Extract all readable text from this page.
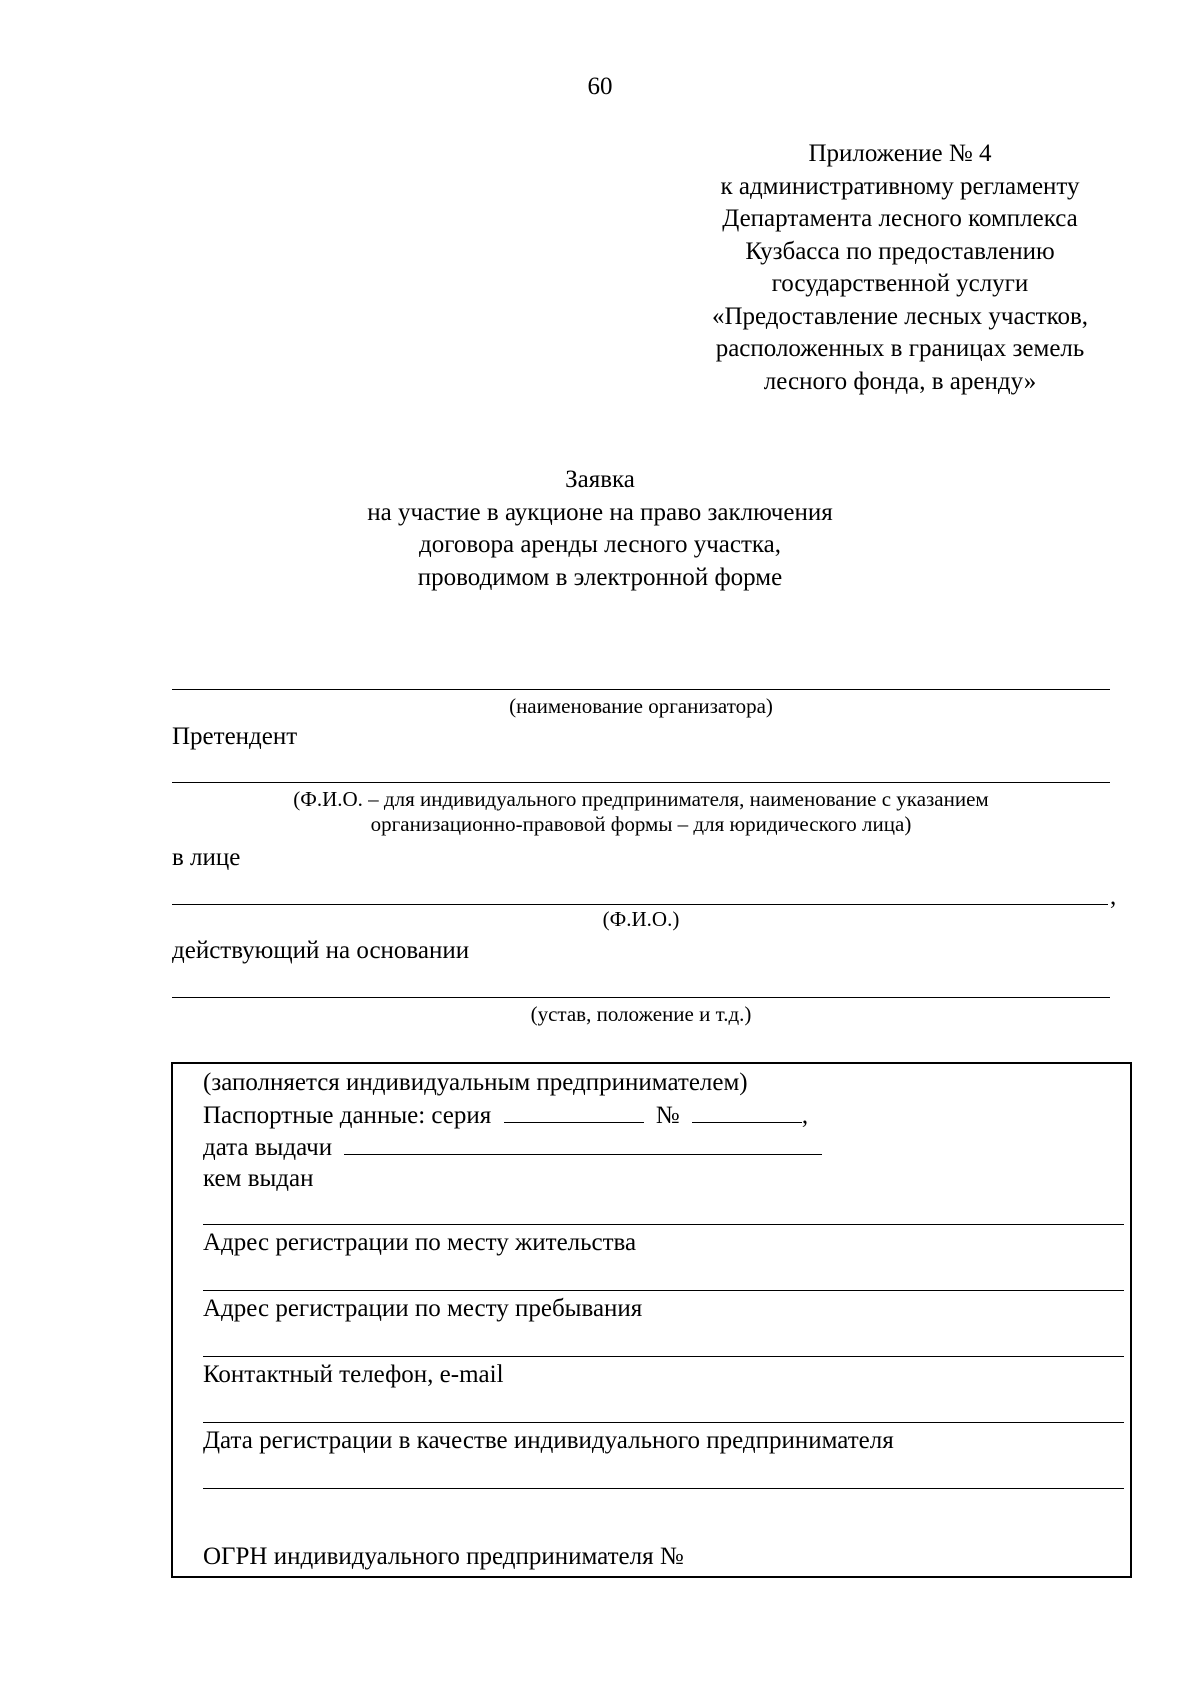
60
Приложение № 4
к административному регламенту
Департамента лесного комплекса
Кузбасса по предоставлению
государственной услуги
«Предоставление лесных участков,
расположенных в границах земель
лесного фонда, в аренду»
Заявка
на участие в аукционе на право заключения
договора аренды лесного участка,
проводимом в электронной форме
(наименование организатора)
Претендент
(Ф.И.О. – для индивидуального предпринимателя, наименование с указанием
организационно-правовой формы – для юридического лица)
в лице
,
(Ф.И.О.)
действующий на основании
(устав, положение и т.д.)
(заполняется индивидуальным предпринимателем)
Паспортные данные: серия	№	,
дата выдачи
кем выдан
Адрес регистрации по месту жительства
Адрес регистрации по месту пребывания
Контактный телефон, e-mail
Дата регистрации в качестве индивидуального предпринимателя
ОГРН индивидуального предпринимателя №
